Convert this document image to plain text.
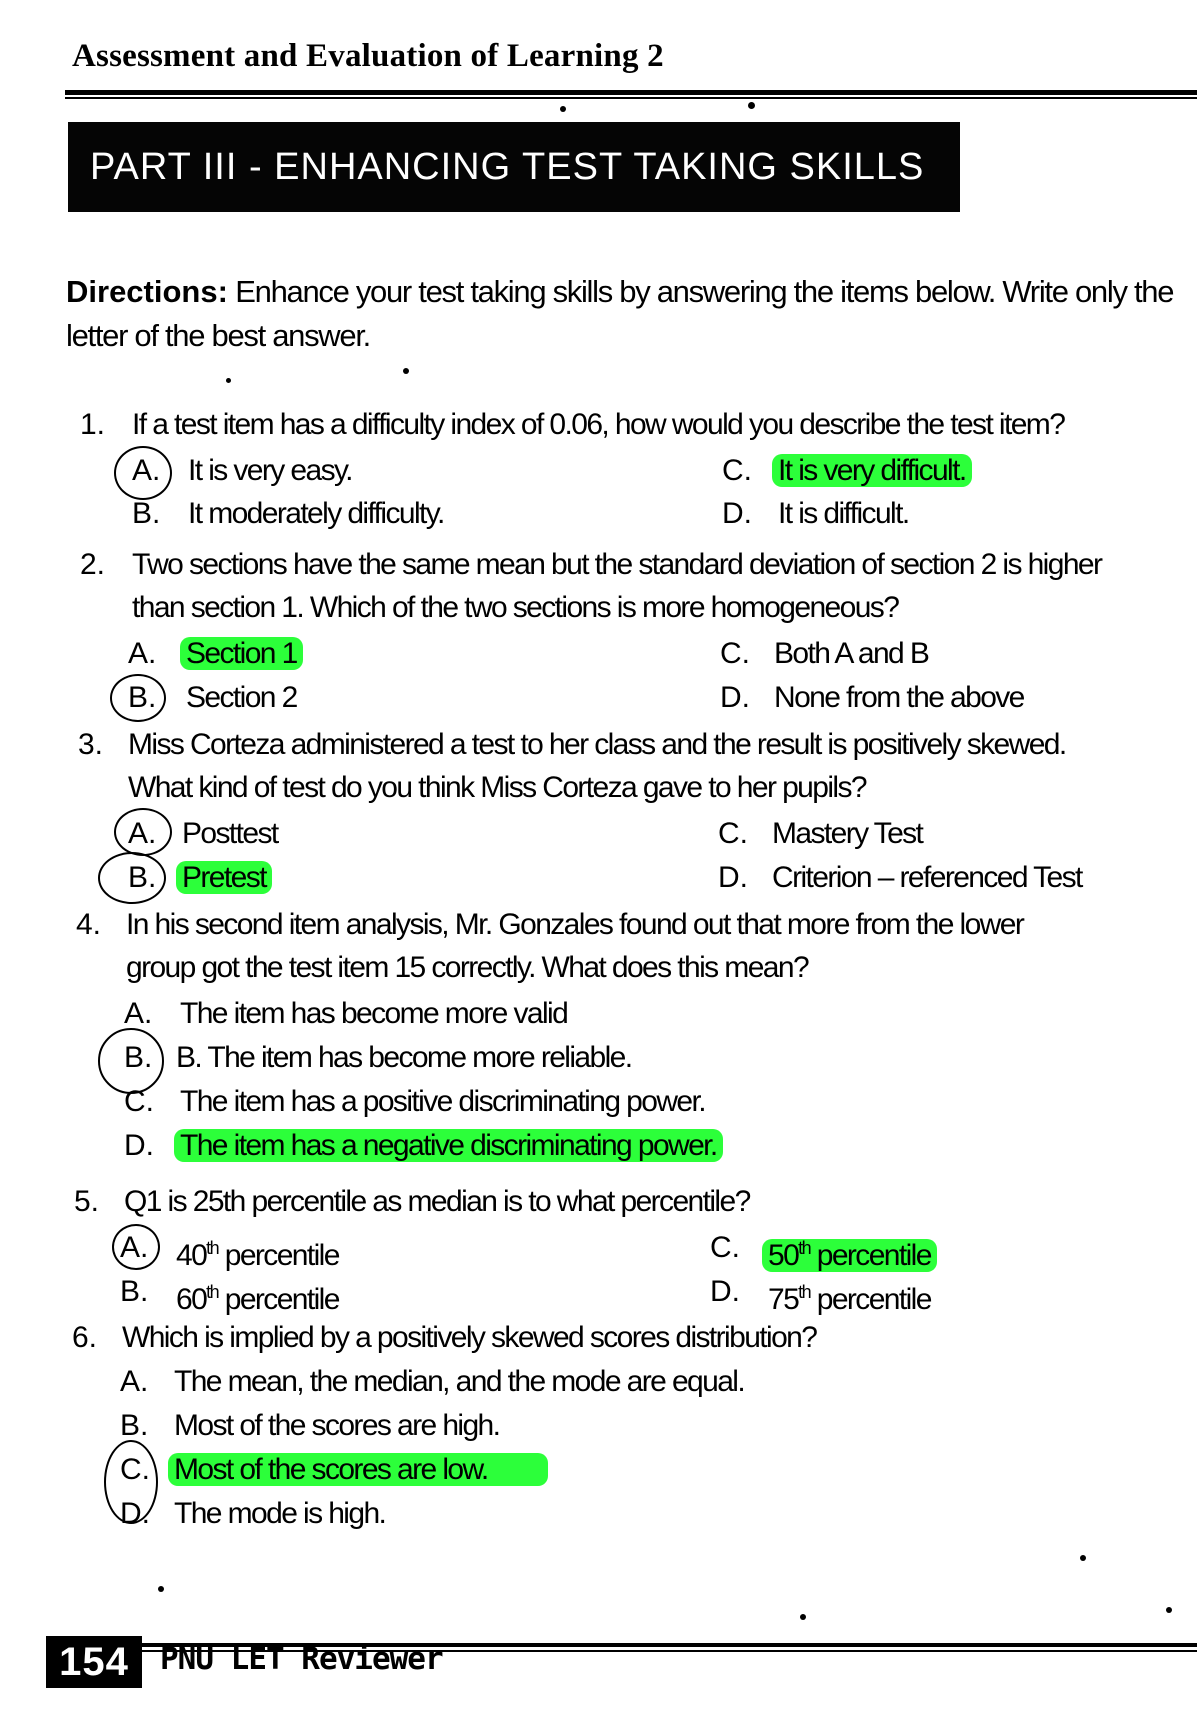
Assessment and Evaluation of Learning 2
PART III - ENHANCING TEST TAKING SKILLS
Directions: Enhance your test taking skills by answering the items below. Write only the letter of the best answer.
1. If a test item has a difficulty index of 0.06, how would you describe the test item?
A. It is very easy.
B. It moderately difficulty.
C. It is very difficult.
D. It is difficult.
2. Two sections have the same mean but the standard deviation of section 2 is higher
than section 1. Which of the two sections is more homogeneous?
A. Section 1
B. Section 2
C. Both A and B
D. None from the above
3. Miss Corteza administered a test to her class and the result is positively skewed.
What kind of test do you think Miss Corteza gave to her pupils?
A. Posttest
B. Pretest
C. Mastery Test
D. Criterion – referenced Test
4. In his second item analysis, Mr. Gonzales found out that more from the lower
group got the test item 15 correctly. What does this mean?
A. The item has become more valid
B. B. The item has become more reliable.
C. The item has a positive discriminating power.
D. The item has a negative discriminating power.
5. Q1 is 25th percentile as median is to what percentile?
A. 40th percentile
B. 60th percentile
C. 50th percentile
D. 75th percentile
6. Which is implied by a positively skewed scores distribution?
A. The mean, the median, and the mode are equal.
B. Most of the scores are high.
C. Most of the scores are low.
D. The mode is high.
154	PNU LET Reviewer
